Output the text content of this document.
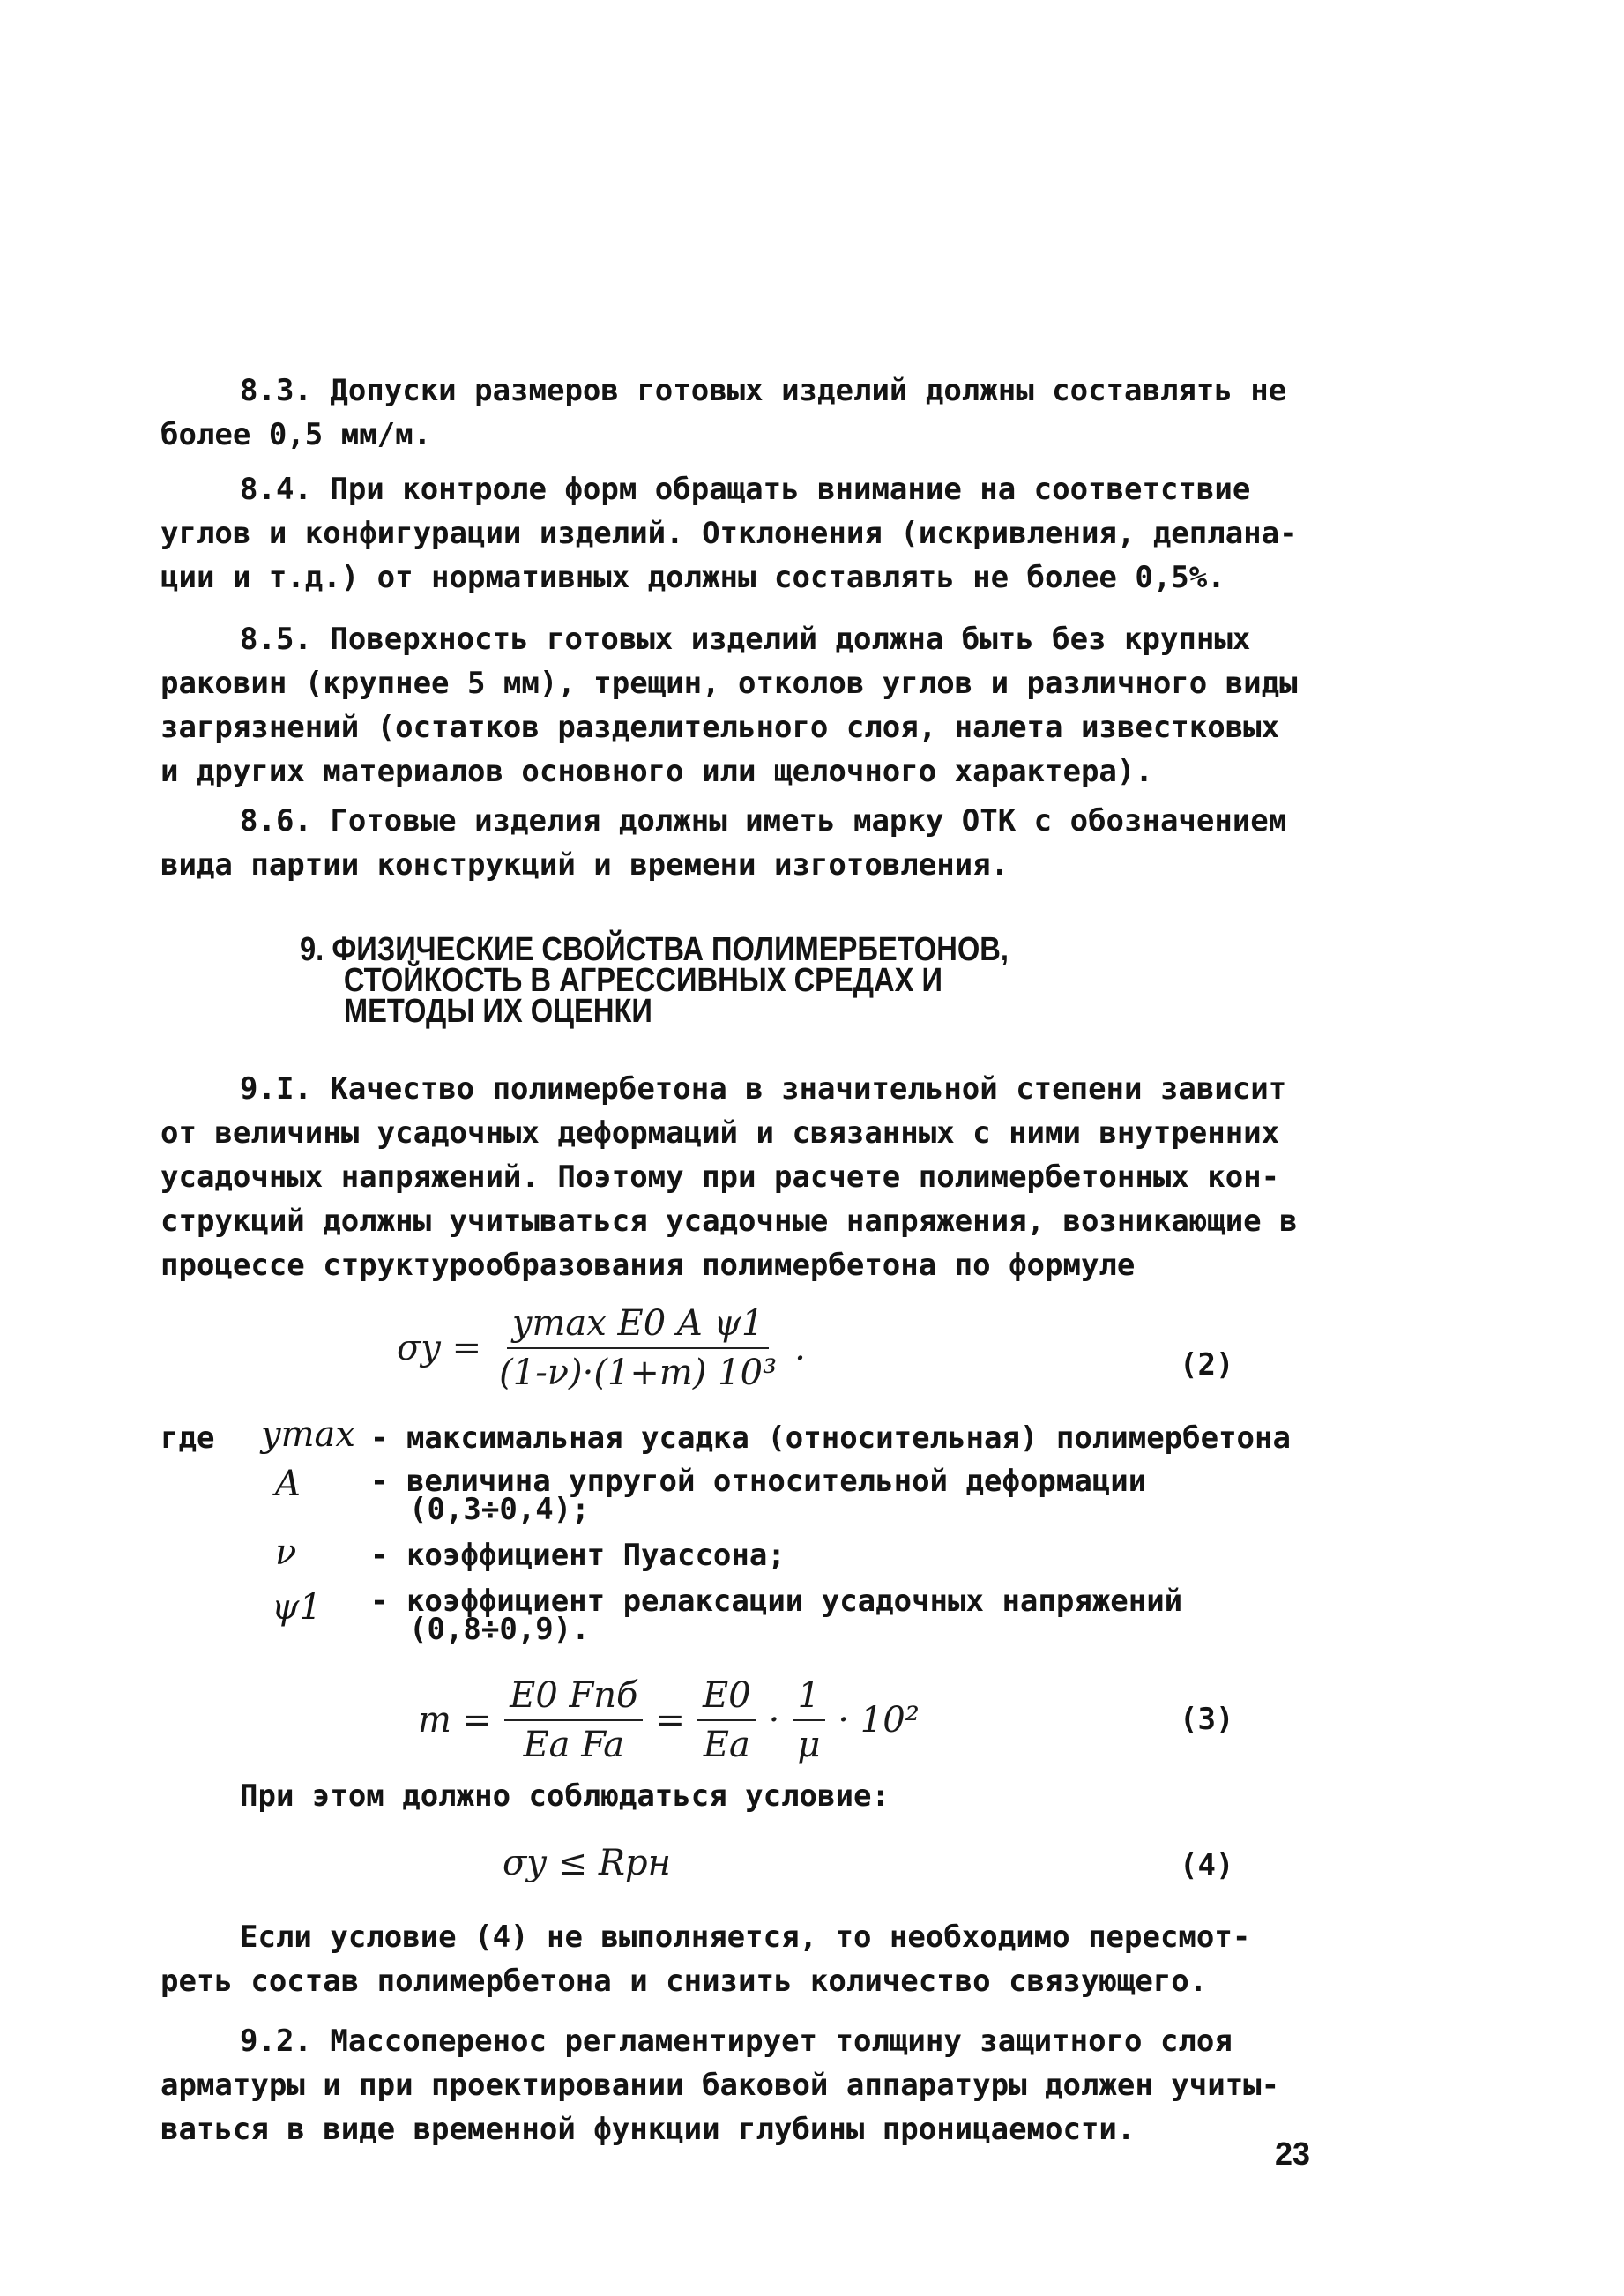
8.3. Допуски размеров готовых изделий должны составлять не
более 0,5 мм/м.
8.4. При контроле форм обращать внимание на соответствие
углов и конфигурации изделий. Отклонения (искривления, деплана-
ции и т.д.) от нормативных должны составлять не более 0,5%.
8.5. Поверхность готовых изделий должна быть без крупных
раковин (крупнее 5 мм), трещин, отколов углов и различного виды
загрязнений (остатков разделительного слоя, налета известковых
и других материалов основного или щелочного характера).
8.6. Готовые изделия должны иметь марку ОТК с обозначением
вида партии конструкций и времени изготовления.
9. ФИЗИЧЕСКИЕ СВОЙСТВА ПОЛИМЕРБЕТОНОВ,
СТОЙКОСТЬ В АГРЕССИВНЫХ СРЕДАХ И
МЕТОДЫ ИХ ОЦЕНКИ
9.I. Качество полимербетона в значительной степени зависит
от величины усадочных деформаций и связанных с ними внутренних
усадочных напряжений. Поэтому при расчете полимербетонных кон-
струкций должны учитываться усадочные напряжения, возникающие в
процессе структурообразования полимербетона по формуле
$\sigma y = \frac{\text{ymax E0 A ψ1}}{\text{(1-ν)·(1+m) 10³}}$ .	(2)
где ymax - максимальная усадка (относительная) полимербетона
A - величина упругой относительной деформации
(0,3÷0,4);
ν - коэффициент Пуассона;
ψ1 - коэффициент релаксации усадочных напряжений
(0,8÷0,9).
$m = \frac{\text{E0 Fпб}}{\text{Ea Fa}} = \frac{E0}{Ea} \cdot \frac{1}{\mu} \cdot 10^2$	(3)
При этом должно соблюдаться условие:
σy ≤ Rpн	(4)
Если условие (4) не выполняется, то необходимо пересмот-
реть состав полимербетона и снизить количество связующего.
9.2. Массоперенос регламентирует толщину защитного слоя
арматуры и при проектировании баковой аппаратуры должен учиты-
ваться в виде временной функции глубины проницаемости.
23
